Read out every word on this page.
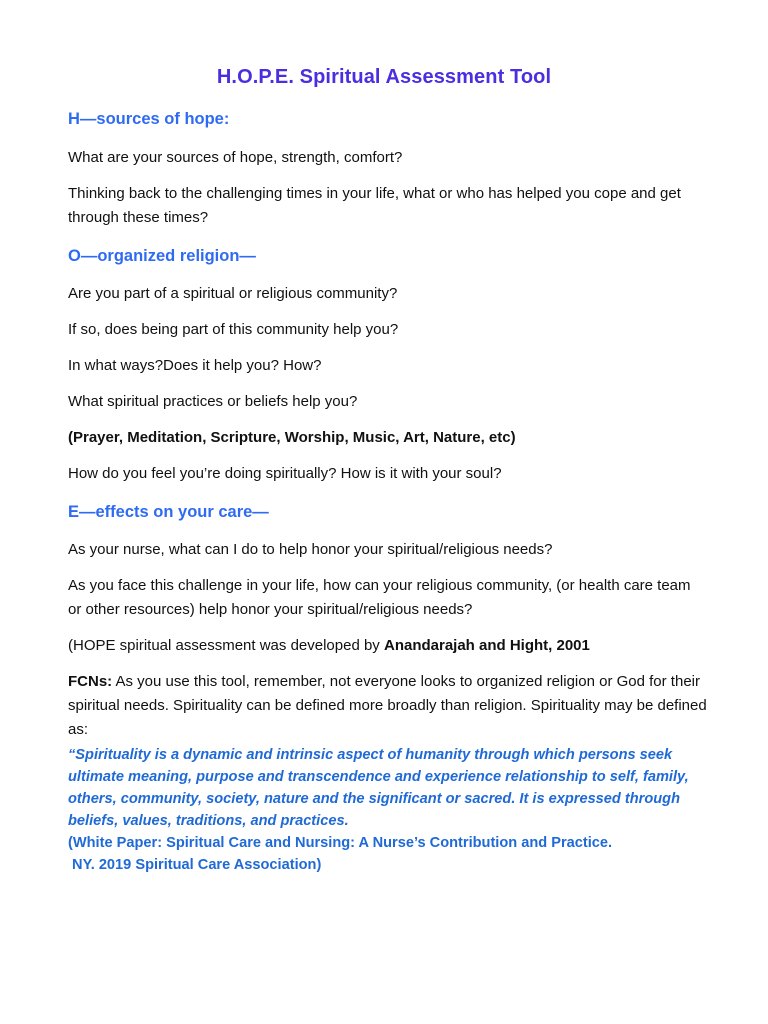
H.O.P.E. Spiritual Assessment Tool
H—sources of hope:

What are your sources of hope, strength, comfort?

Thinking back to the challenging times in your life, what or who has helped you cope and get through these times?

O—organized religion—

Are you part of a spiritual or religious community?

If so, does being part of this community help you?

In what ways?Does it help you? How?

What spiritual practices or beliefs help you?

(Prayer, Meditation, Scripture, Worship, Music, Art, Nature, etc)

How do you feel you’re doing spiritually? How is it with your soul?

E—effects on your care—

As your nurse, what can I do to help honor your spiritual/religious needs?

As you face this challenge in your life, how can your religious community, (or health care team or other resources) help honor your spiritual/religious needs?

(HOPE spiritual assessment was developed by Anandarajah and Hight, 2001

FCNs: As you use this tool, remember, not everyone looks to organized religion or God for their spiritual needs. Spirituality can be defined more broadly than religion. Spirituality may be defined as:

“Spirituality is a dynamic and intrinsic aspect of humanity through which persons seek ultimate meaning, purpose and transcendence and experience relationship to self, family, others, community, society, nature and the significant or sacred. It is expressed through beliefs, values, traditions, and practices.
(White Paper: Spiritual Care and Nursing: A Nurse’s Contribution and Practice.
NY. 2019 Spiritual Care Association)
